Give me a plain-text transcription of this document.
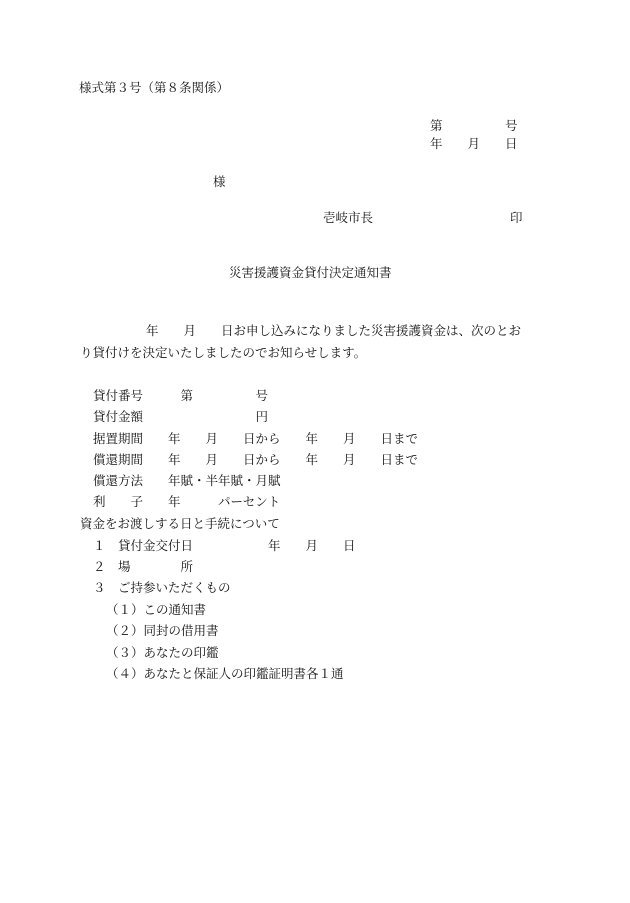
様式第３号（第８条関係）
第　　　　　号
年　　月　　日
様
壱岐市長	印
災害援護資金貸付決定通知書
年　　月　　日お申し込みになりました災害援護資金は、次のとお
り貸付けを決定いたしましたのでお知らせします。
貸付番号　　　第　　　　　号
貸付金額　　　　　　　　　円
据置期間　　年　　月　　日から　　年　　月　　日まで
償還期間　　年　　月　　日から　　年　　月　　日まで
償還方法　　年賦・半年賦・月賦
利　　子　　年　　　パーセント
資金をお渡しする日と手続について
１　貸付金交付日　　　　　　年　　月　　日
２　場　　　　所
３　ご持参いただくもの
（１）この通知書
（２）同封の借用書
（３）あなたの印鑑
（４）あなたと保証人の印鑑証明書各１通
